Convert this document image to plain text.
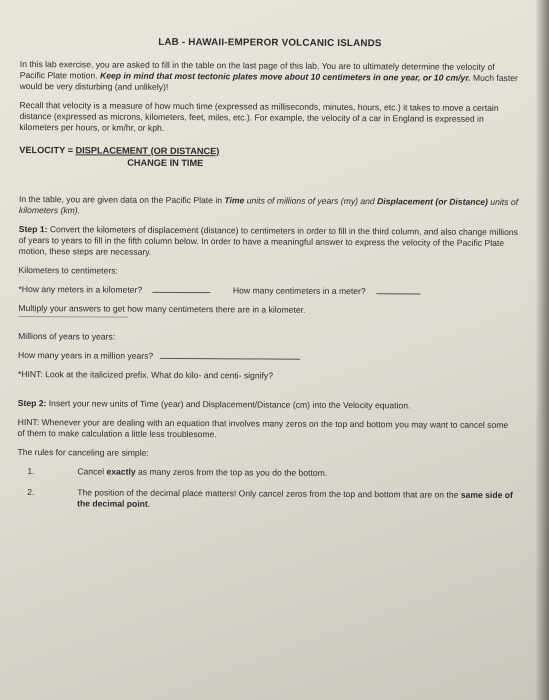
LAB - HAWAII-EMPEROR VOLCANIC ISLANDS

In this lab exercise, you are asked to fill in the table on the last page of this lab. You are to ultimately determine the velocity of Pacific Plate motion. Keep in mind that most tectonic plates move about 10 centimeters in one year, or 10 cm/yr. Much faster would be very disturbing (and unlikely)!

Recall that velocity is a measure of how much time (expressed as milliseconds, minutes, hours, etc.) it takes to move a certain distance (expressed as microns, kilometers, feet, miles, etc.). For example, the velocity of a car in England is expressed in kilometers per hours, or km/hr, or kph.

VELOCITY = DISPLACEMENT (OR DISTANCE)
CHANGE IN TIME

In the table, you are given data on the Pacific Plate in Time units of millions of years (my) and Displacement (or Distance) units of kilometers (km).

Step 1: Convert the kilometers of displacement (distance) to centimeters in order to fill in the third column, and also change millions of years to years to fill in the fifth column below. In order to have a meaningful answer to express the velocity of the Pacific Plate motion, these steps are necessary.

Kilometers to centimeters:

*How any meters in a kilometer?	How many centimeters in a meter?

Multiply your answers to get how many centimeters there are in a kilometer.

Millions of years to years:

How many years in a million years?

*HINT: Look at the italicized prefix. What do kilo- and centi- signify?

Step 2: Insert your new units of Time (year) and Displacement/Distance (cm) into the Velocity equation.

HINT: Whenever your are dealing with an equation that involves many zeros on the top and bottom you may want to cancel some of them to make calculation a little less troublesome.

The rules for canceling are simple:

1.	Cancel exactly as many zeros from the top as you do the bottom.
2.	The position of the decimal place matters! Only cancel zeros from the top and bottom that are on the same side of the decimal point.
